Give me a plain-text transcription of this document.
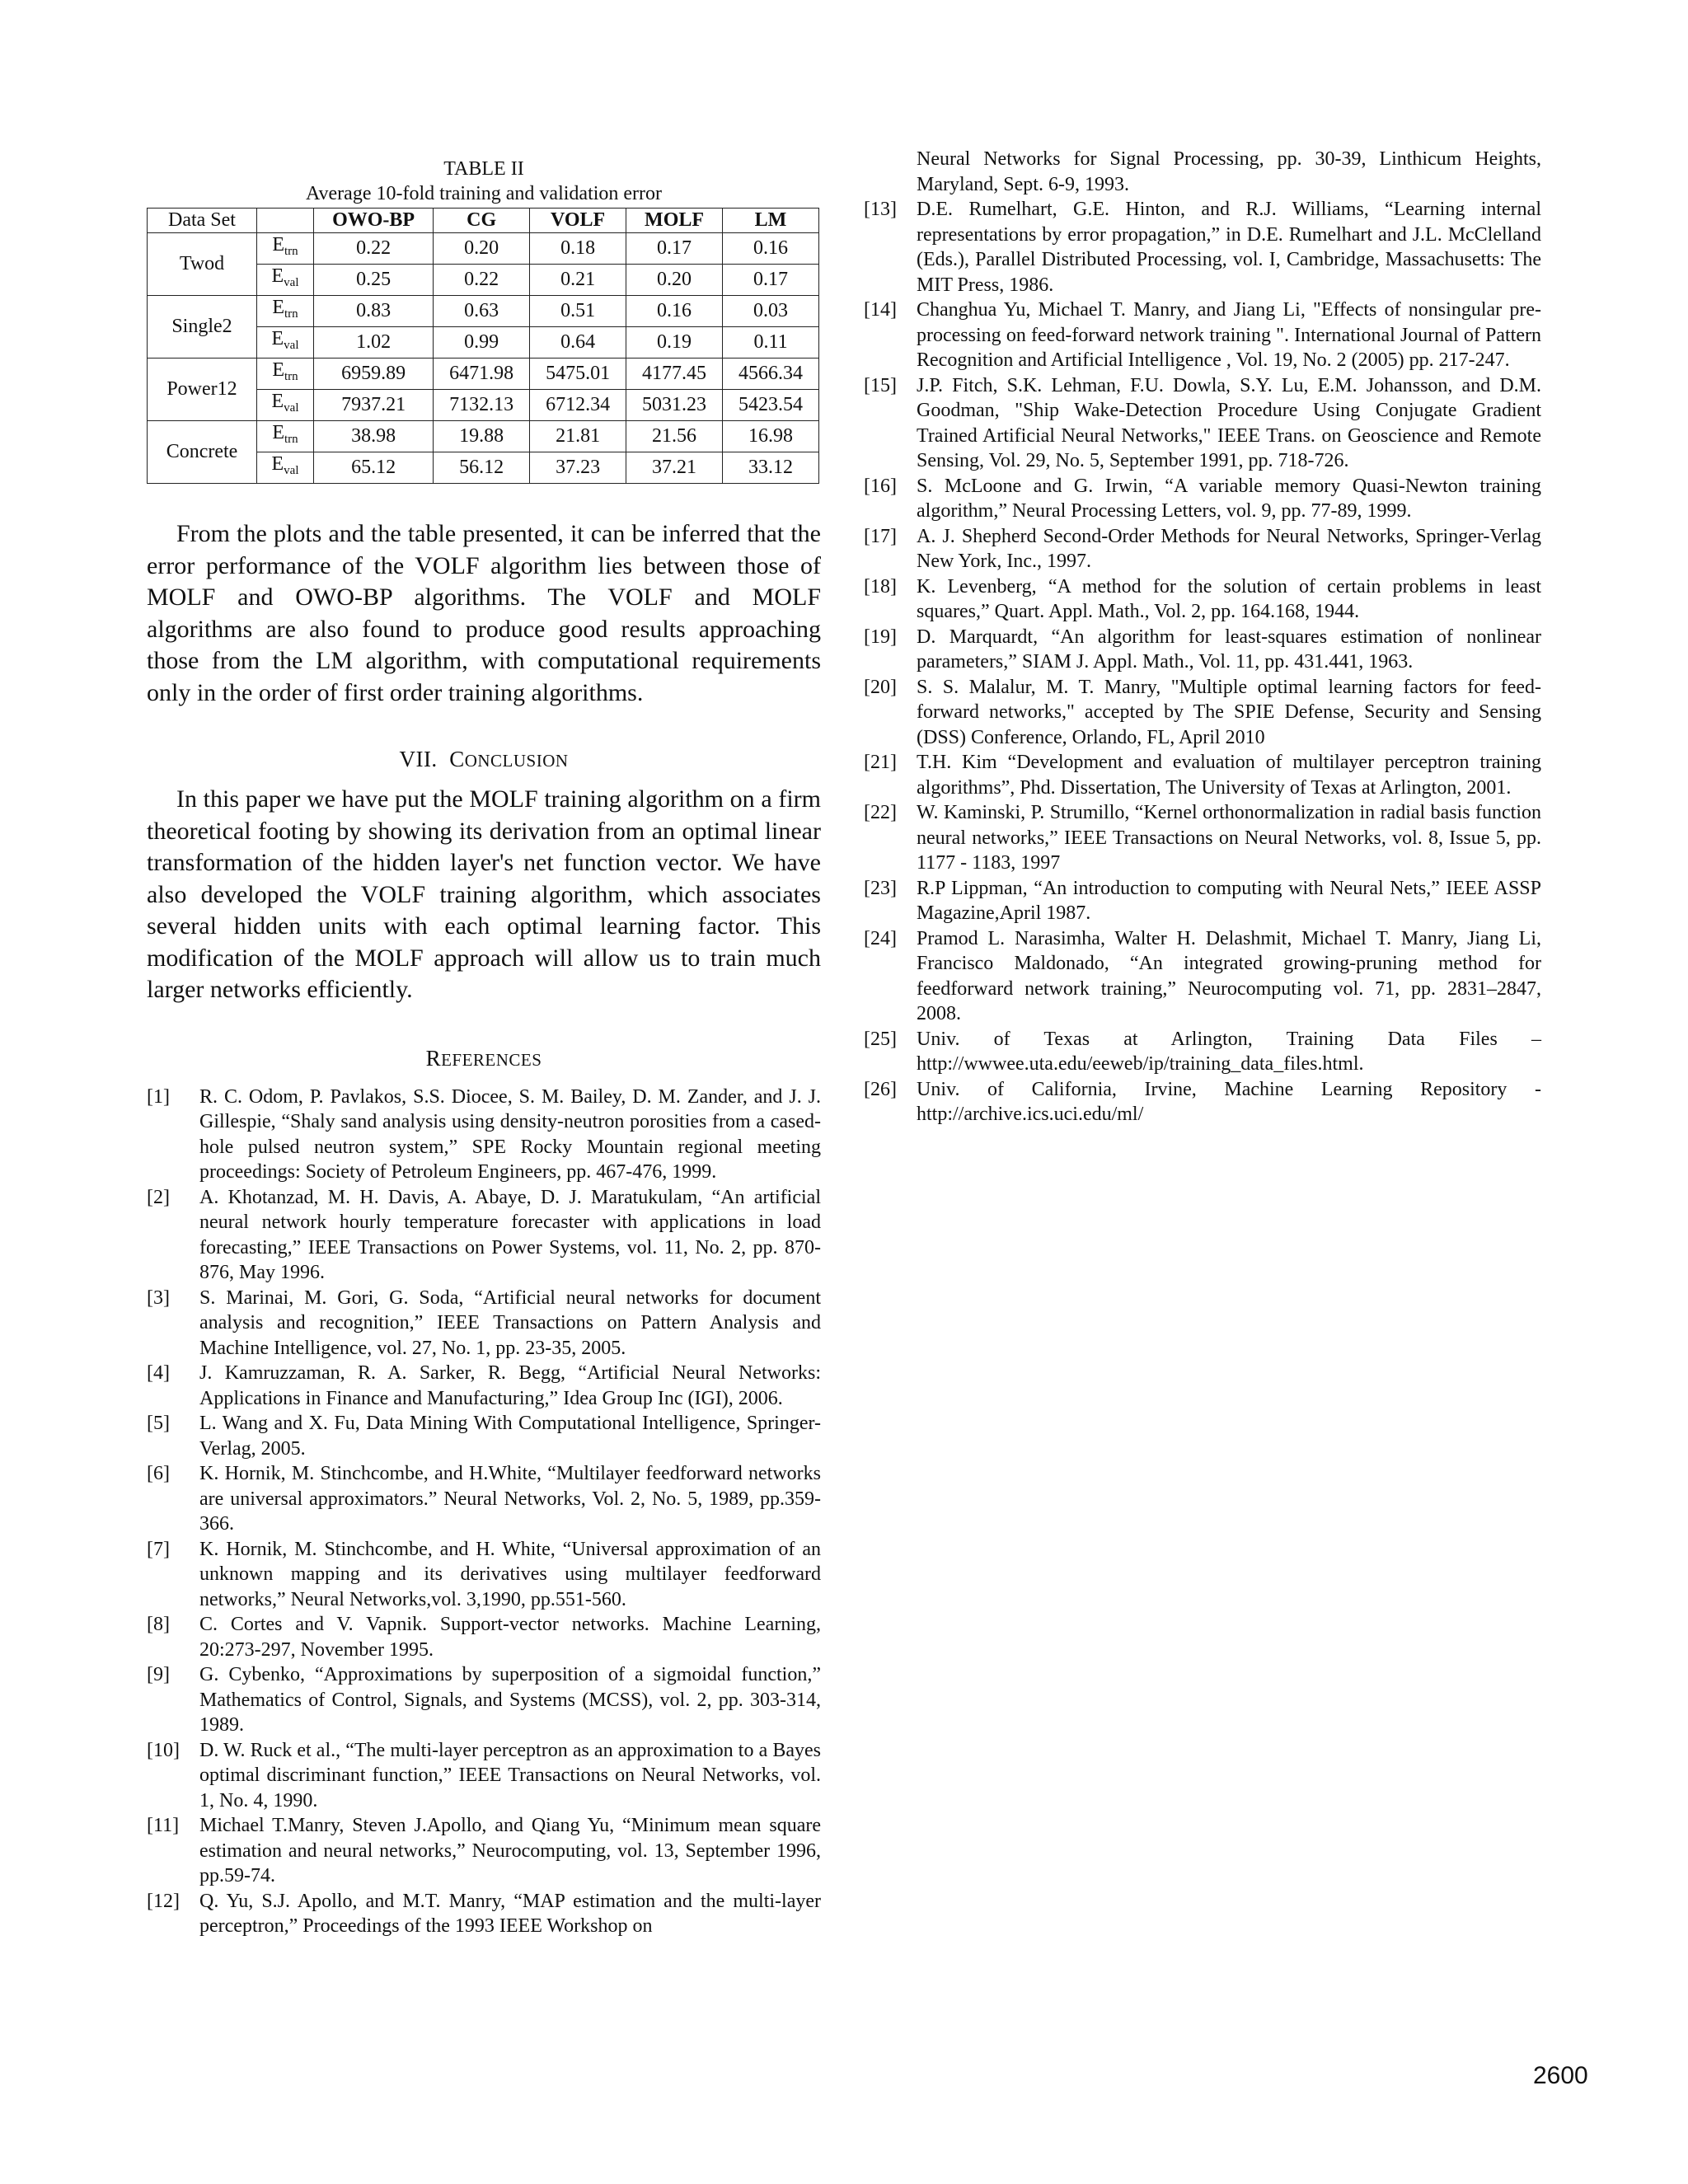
TABLE II
Average 10-fold training and validation error
Data Set		OWO-BP	CG	VOLF	MOLF	LM
Twod	$E_{trn}$	0.22	0.20	0.18	0.17	0.16
	$E_{val}$	0.25	0.22	0.21	0.20	0.17
Single2	$E_{trn}$	0.83	0.63	0.51	0.16	0.03
	$E_{val}$	1.02	0.99	0.64	0.19	0.11
Power12	$E_{trn}$	6959.89	6471.98	5475.01	4177.45	4566.34
	$E_{val}$	7937.21	7132.13	6712.34	5031.23	5423.54
Concrete	$E_{trn}$	38.98	19.88	21.81	21.56	16.98
	$E_{val}$	65.12	56.12	37.23	37.21	33.12

From the plots and the table presented, it can be inferred that the error performance of the VOLF algorithm lies between those of MOLF and OWO-BP algorithms. The VOLF and MOLF algorithms are also found to produce good results approaching those from the LM algorithm, with computational requirements only in the order of first order training algorithms.

VII. CONCLUSION

In this paper we have put the MOLF training algorithm on a firm theoretical footing by showing its derivation from an optimal linear transformation of the hidden layer's net function vector. We have also developed the VOLF training algorithm, which associates several hidden units with each optimal learning factor. This modification of the MOLF approach will allow us to train much larger networks efficiently.

REFERENCES
[1]	R. C. Odom, P. Pavlakos, S.S. Diocee, S. M. Bailey, D. M. Zander, and J. J. Gillespie, “Shaly sand analysis using density-neutron porosities from a cased-hole pulsed neutron system,” SPE Rocky Mountain regional meeting proceedings: Society of Petroleum Engineers, pp. 467-476, 1999.
[2]	A. Khotanzad, M. H. Davis, A. Abaye, D. J. Maratukulam, “An artificial neural network hourly temperature forecaster with applications in load forecasting,” IEEE Transactions on Power Systems, vol. 11, No. 2, pp. 870-876, May 1996.
[3]	S. Marinai, M. Gori, G. Soda, “Artificial neural networks for document analysis and recognition,” IEEE Transactions on Pattern Analysis and Machine Intelligence, vol. 27, No. 1, pp. 23-35, 2005.
[4]	J. Kamruzzaman, R. A. Sarker, R. Begg, “Artificial Neural Networks: Applications in Finance and Manufacturing,” Idea Group Inc (IGI), 2006.
[5]	L. Wang and X. Fu, Data Mining With Computational Intelligence, Springer-Verlag, 2005.
[6]	K. Hornik, M. Stinchcombe, and H.White, “Multilayer feedforward networks are universal approximators.” Neural Networks, Vol. 2, No. 5, 1989, pp.359-366.
[7]	K. Hornik, M. Stinchcombe, and H. White, “Universal approximation of an unknown mapping and its derivatives using multilayer feedforward networks,” Neural Networks,vol. 3,1990, pp.551-560.
[8]	C. Cortes and V. Vapnik. Support-vector networks. Machine Learning, 20:273-297, November 1995.
[9]	G. Cybenko, “Approximations by superposition of a sigmoidal function,” Mathematics of Control, Signals, and Systems (MCSS), vol. 2, pp. 303-314, 1989.
[10]	D. W. Ruck et al., “The multi-layer perceptron as an approximation to a Bayes optimal discriminant function,” IEEE Transactions on Neural Networks, vol. 1, No. 4, 1990.
[11]	Michael T.Manry, Steven J.Apollo, and Qiang Yu, “Minimum mean square estimation and neural networks,” Neurocomputing, vol. 13, September 1996, pp.59-74.
[12]	Q. Yu, S.J. Apollo, and M.T. Manry, “MAP estimation and the multi-layer perceptron,” Proceedings of the 1993 IEEE Workshop on
Neural Networks for Signal Processing, pp. 30-39, Linthicum Heights, Maryland, Sept. 6-9, 1993.
[13]	D.E. Rumelhart, G.E. Hinton, and R.J. Williams, “Learning internal representations by error propagation,” in D.E. Rumelhart and J.L. McClelland (Eds.), Parallel Distributed Processing, vol. I, Cambridge, Massachusetts: The MIT Press, 1986.
[14]	Changhua Yu, Michael T. Manry, and Jiang Li, "Effects of nonsingular pre-processing on feed-forward network training ". International Journal of Pattern Recognition and Artificial Intelligence , Vol. 19, No. 2 (2005) pp. 217-247.
[15]	J.P. Fitch, S.K. Lehman, F.U. Dowla, S.Y. Lu, E.M. Johansson, and D.M. Goodman, "Ship Wake-Detection Procedure Using Conjugate Gradient Trained Artificial Neural Networks," IEEE Trans. on Geoscience and Remote Sensing, Vol. 29, No. 5, September 1991, pp. 718-726.
[16]	S. McLoone and G. Irwin, “A variable memory Quasi-Newton training algorithm,” Neural Processing Letters, vol. 9, pp. 77-89, 1999.
[17]	A. J. Shepherd Second-Order Methods for Neural Networks, Springer-Verlag New York, Inc., 1997.
[18]	K. Levenberg, “A method for the solution of certain problems in least squares,” Quart. Appl. Math., Vol. 2, pp. 164.168, 1944.
[19]	D. Marquardt, “An algorithm for least-squares estimation of nonlinear parameters,” SIAM J. Appl. Math., Vol. 11, pp. 431.441, 1963.
[20]	S. S. Malalur, M. T. Manry, "Multiple optimal learning factors for feed-forward networks," accepted by The SPIE Defense, Security and Sensing (DSS) Conference, Orlando, FL, April 2010
[21]	T.H. Kim “Development and evaluation of multilayer perceptron training algorithms”, Phd. Dissertation, The University of Texas at Arlington, 2001.
[22]	W. Kaminski, P. Strumillo, “Kernel orthonormalization in radial basis function neural networks,” IEEE Transactions on Neural Networks, vol. 8, Issue 5, pp. 1177 - 1183, 1997
[23]	R.P Lippman, “An introduction to computing with Neural Nets,” IEEE ASSP Magazine,April 1987.
[24]	Pramod L. Narasimha, Walter H. Delashmit, Michael T. Manry, Jiang Li, Francisco Maldonado, “An integrated growing-pruning method for feedforward network training,” Neurocomputing vol. 71, pp. 2831–2847, 2008.
[25]	Univ. of Texas at Arlington, Training Data Files – http://wwwee.uta.edu/eeweb/ip/training_data_files.html.
[26]	Univ. of California, Irvine, Machine Learning Repository - http://archive.ics.uci.edu/ml/
2600
